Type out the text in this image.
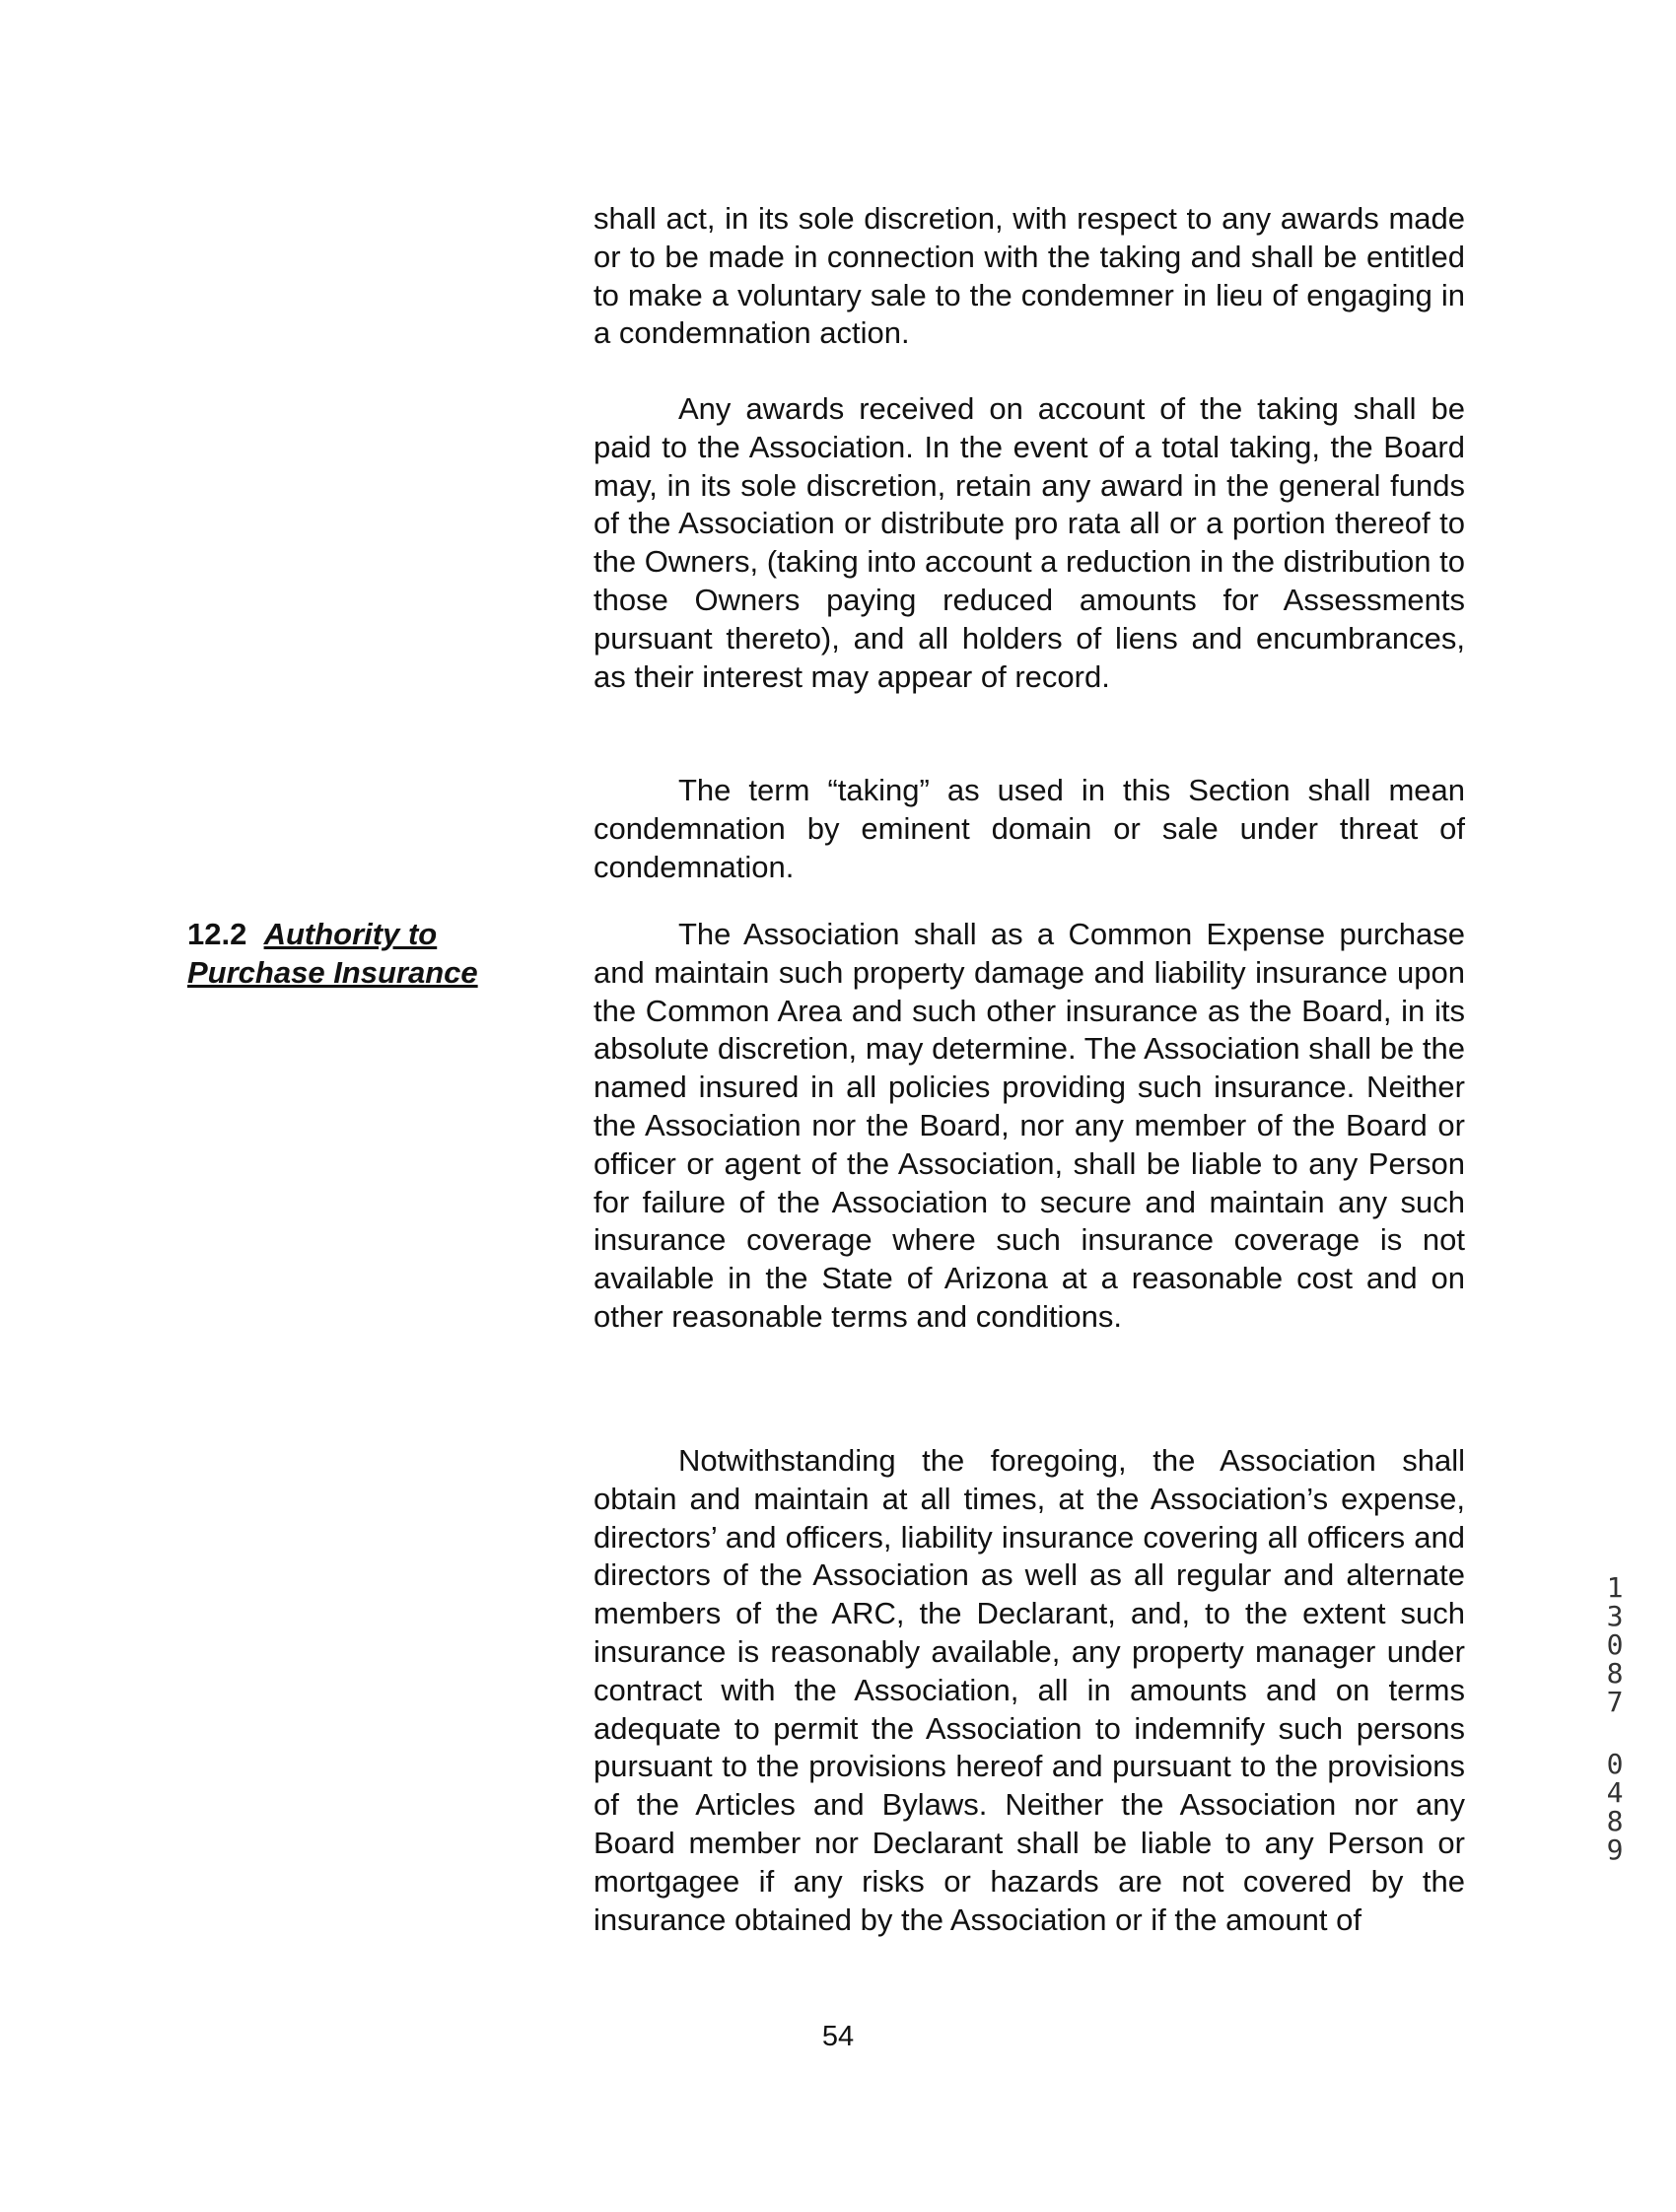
12.2 Authority to
Purchase Insurance

shall act, in its sole discretion, with respect to any awards made or to be made in connection with the taking and shall be entitled to make a voluntary sale to the condemner in lieu of engaging in a condemnation action.

Any awards received on account of the taking shall be paid to the Association. In the event of a total taking, the Board may, in its sole discretion, retain any award in the general funds of the Association or distribute pro rata all or a portion thereof to the Owners, (taking into account a reduction in the distribution to those Owners paying reduced amounts for Assessments pursuant thereto), and all holders of liens and encumbrances, as their interest may appear of record.

The term “taking” as used in this Section shall mean condemnation by eminent domain or sale under threat of condemnation.

The Association shall as a Common Expense purchase and maintain such property damage and liability insurance upon the Common Area and such other insurance as the Board, in its absolute discretion, may determine. The Association shall be the named insured in all policies providing such insurance. Neither the Association nor the Board, nor any member of the Board or officer or agent of the Association, shall be liable to any Person for failure of the Association to secure and maintain any such insurance coverage where such insurance coverage is not available in the State of Arizona at a reasonable cost and on other reasonable terms and conditions.

Notwithstanding the foregoing, the Association shall obtain and maintain at all times, at the Association’s expense, directors’ and officers, liability insurance covering all officers and directors of the Association as well as all regular and alternate members of the ARC, the Declarant, and, to the extent such insurance is reasonably available, any property manager under contract with the Association, all in amounts and on terms adequate to permit the Association to indemnify such persons pursuant to the provisions hereof and pursuant to the provisions of the Articles and Bylaws. Neither the Association nor any Board member nor Declarant shall be liable to any Person or mortgagee if any risks or hazards are not covered by the insurance obtained by the Association or if the amount of

54
1
3
0
8
7
0
4
8
9
